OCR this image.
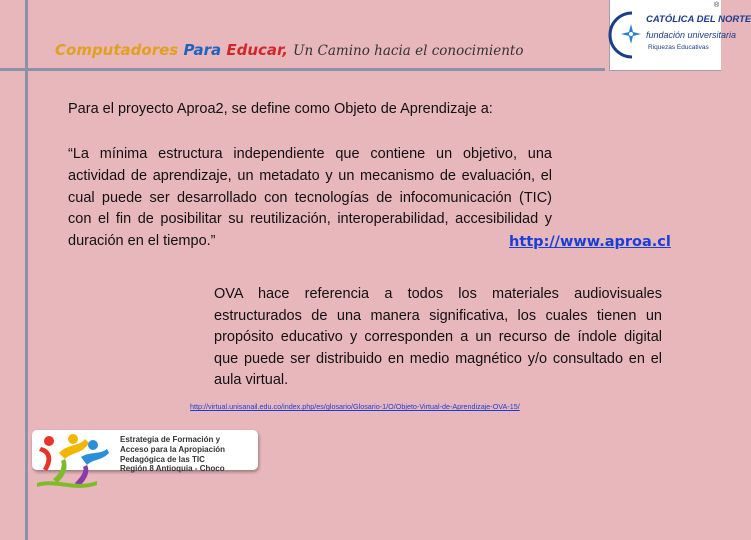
Computadores Para Educar, Un Camino hacia el conocimiento
CATÓLICA DEL NORTE
fundación universitaria
Riquezas Educativas
®
Para el proyecto Aproa2, se define como Objeto de Aprendizaje a:
“La mínima estructura independiente que contiene un objetivo, una actividad de aprendizaje, un metadato y un mecanismo de evaluación, el cual puede ser desarrollado con tecnologías de infocomunicación (TIC) con el fin de posibilitar su reutilización, interoperabilidad, accesibilidad y duración en el tiempo.”	http://www.aproa.cl
OVA hace referencia a todos los materiales audiovisuales estructurados de una manera significativa, los cuales tienen un propósito educativo y corresponden a un recurso de índole digital que puede ser distribuido en medio magnético y/o consultado en el aula virtual.
http://virtual.unisanail.edu.co/index.php/es/glosario/Glosario-1/O/Objeto-Virtual-de-Aprendizaje-OVA-15/
Estrategia de Formación y
Acceso para la Apropiación
Pedagógica de las TIC
Región 8 Antioquia - Choco
